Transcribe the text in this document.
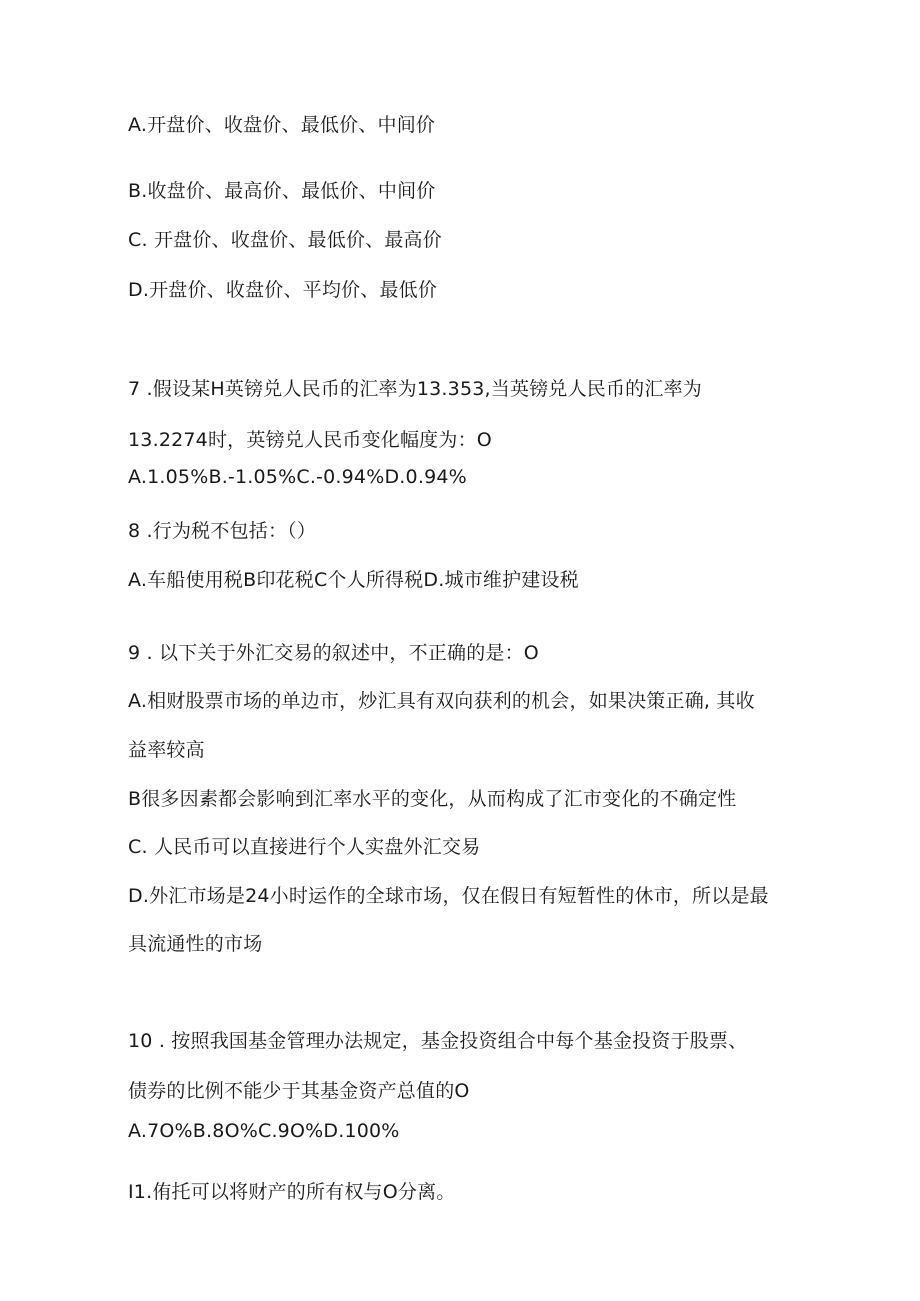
A.开盘价、收盘价、最低价、中间价
B.收盘价、最高价、最低价、中间价
C. 开盘价、收盘价、最低价、最高价
D.开盘价、收盘价、平均价、最低价
7 .假设某H英镑兑人民币的汇率为13.353,当英镑兑人民币的汇率为
13.2274时，英镑兑人民币变化幅度为：O
A.1.05%B.-1.05%C.-0.94%D.0.94%
8 .行为税不包括：（）
A.车船使用税B印花税C个人所得税D.城市维护建设税
9 . 以下关于外汇交易的叙述中，不正确的是：O
A.相财股票市场的单边市，炒汇具有双向获利的机会，如果决策正确, 其收
益率较高
B很多因素都会影响到汇率水平的变化，从而构成了汇市变化的不确定性
C. 人民币可以直接进行个人实盘外汇交易
D.外汇市场是24小时运作的全球市场，仅在假日有短暂性的休市，所以是最
具流通性的市场
10 . 按照我国基金管理办法规定，基金投资组合中每个基金投资于股票、
债券的比例不能少于其基金资产总值的O
A.7O%B.8O%C.9O%D.100%
I1.侑托可以将财产的所有权与O分离。
